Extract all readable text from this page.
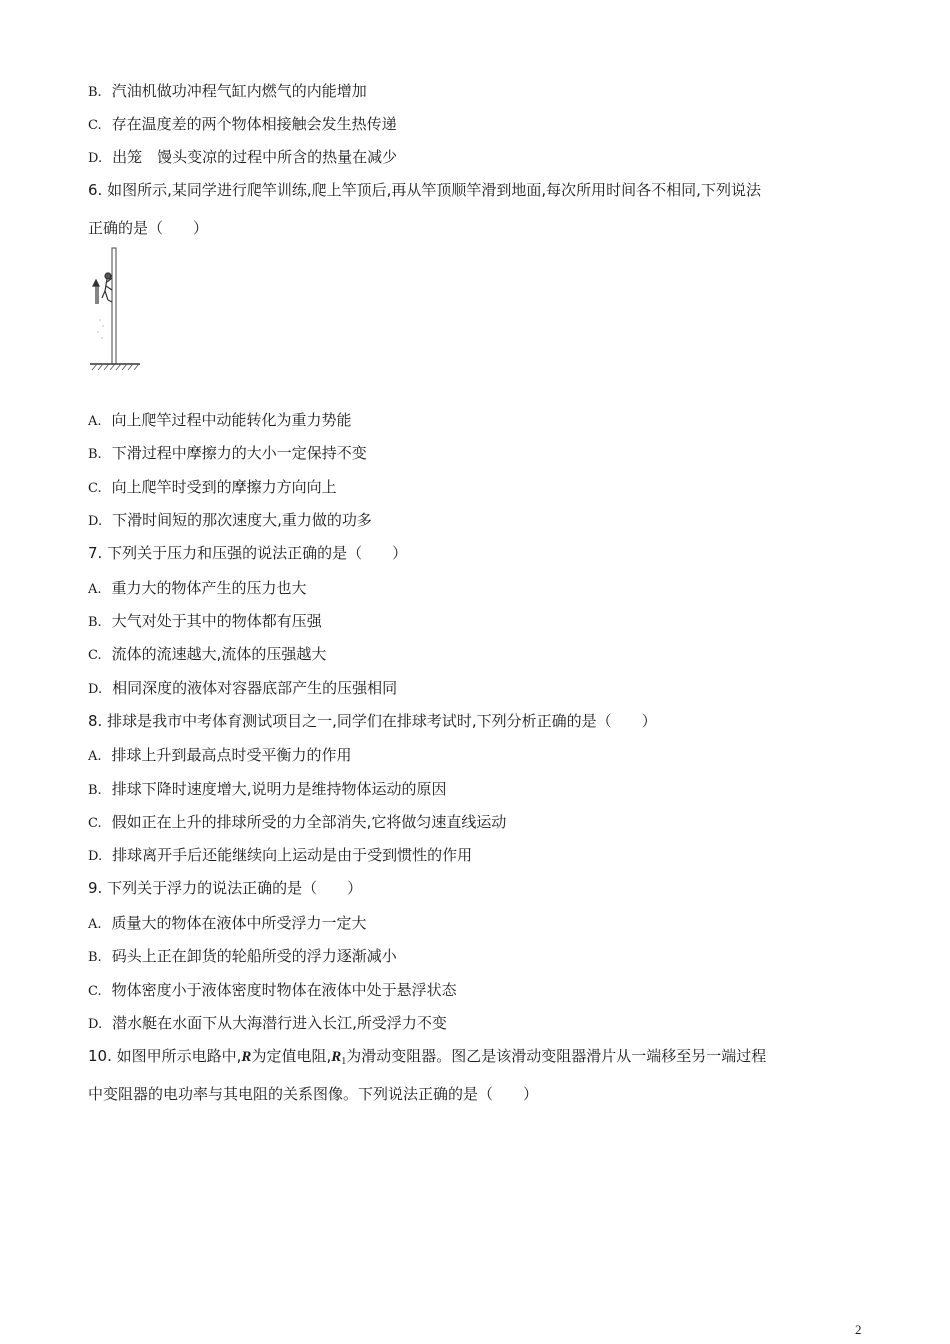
B. 汽油机做功冲程气缸内燃气的内能增加
C. 存在温度差的两个物体相接触会发生热传递
D. 出笼　馒头变凉的过程中所含的热量在减少
6. 如图所示,某同学进行爬竿训练,爬上竿顶后,再从竿顶顺竿滑到地面,每次所用时间各不相同,下列说法
正确的是（　　）
A. 向上爬竿过程中动能转化为重力势能
B. 下滑过程中摩擦力的大小一定保持不变
C. 向上爬竿时受到的摩擦力方向向上
D. 下滑时间短的那次速度大,重力做的功多
7. 下列关于压力和压强的说法正确的是（　　）
A. 重力大的物体产生的压力也大
B. 大气对处于其中的物体都有压强
C. 流体的流速越大,流体的压强越大
D. 相同深度的液体对容器底部产生的压强相同
8. 排球是我市中考体育测试项目之一,同学们在排球考试时,下列分析正确的是（　　）
A. 排球上升到最高点时受平衡力的作用
B. 排球下降时速度增大,说明力是维持物体运动的原因
C. 假如正在上升的排球所受的力全部消失,它将做匀速直线运动
D. 排球离开手后还能继续向上运动是由于受到惯性的作用
9. 下列关于浮力的说法正确的是（　　）
A. 质量大的物体在液体中所受浮力一定大
B. 码头上正在卸货的轮船所受的浮力逐渐减小
C. 物体密度小于液体密度时物体在液体中处于悬浮状态
D. 潜水艇在水面下从大海潜行进入长江,所受浮力不变
10. 如图甲所示电路中,R为定值电阻$,R_1$为滑动变阻器。图乙是该滑动变阻器滑片从一端移至另一端过程
中变阻器的电功率与其电阻的关系图像。下列说法正确的是（　　）
2
